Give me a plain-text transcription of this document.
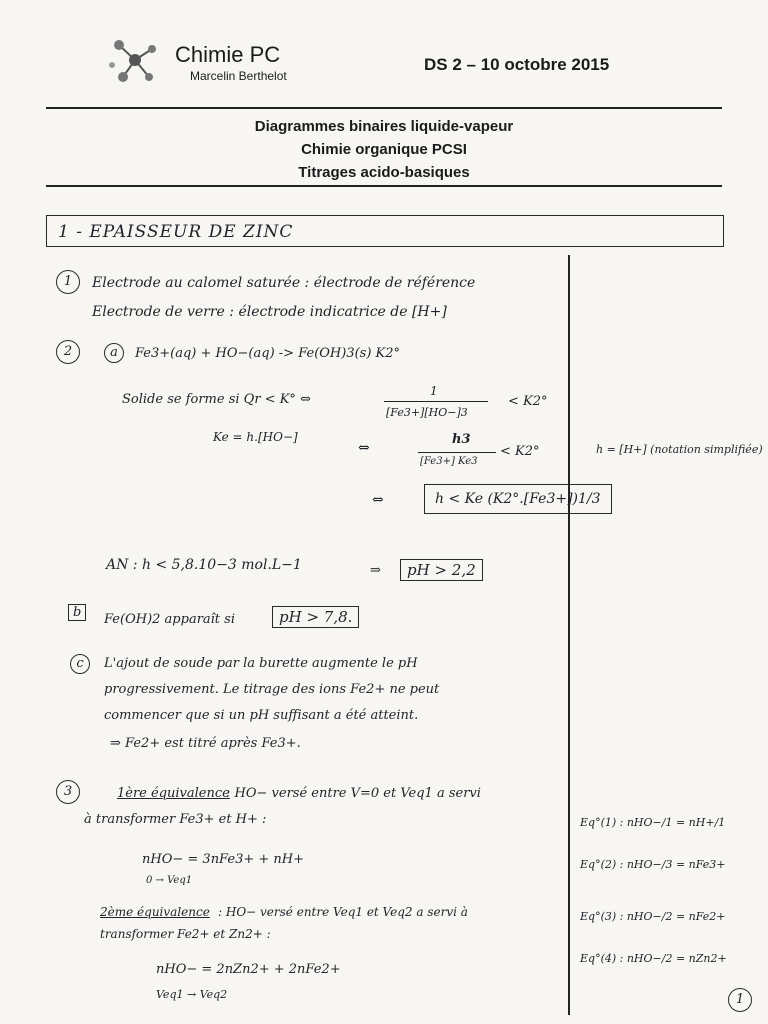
Chimie PC
Marcelin Berthelot
DS 2 – 10 octobre 2015
Diagrammes binaires liquide-vapeur
Chimie organique PCSI
Titrages acido-basiques
1 - EPAISSEUR DE ZINC
1	Electrode au calomel saturée : électrode de référence
Electrode de verre : électrode indicatrice de [H+]
2	a	Fe3+(aq) + HO−(aq) -> Fe(OH)3(s) K2°
Solide se forme si Qr < K° ⇔
1
[Fe3+][HO−]3
< K2°
Ke = h.[HO−]
⇔
h3
[Fe3+] Ke3
< K2°	h = [H+] (notation simplifiée)
⇔	h < Ke (K2°.[Fe3+])1/3
AN : h < 5,8.10−3 mol.L−1	⇒	pH > 2,2
b	Fe(OH)2 apparaît si	pH > 7,8.
c	L'ajout de soude par la burette augmente le pH
progressivement. Le titrage des ions Fe2+ ne peut
commencer que si un pH suffisant a été atteint.
⇒ Fe2+ est titré après Fe3+.
3	1ère équivalence
: HO− versé entre V=0 et Veq1 a servi
à transformer Fe3+ et H+ :
nHO− = 3nFe3+ + nH+
0 → Veq1
2ème équivalence : HO− versé entre Veq1 et Veq2 a servi à
transformer Fe2+ et Zn2+ :
nHO− = 2nZn2+ + 2nFe2+
Veq1 → Veq2
Eq°(1) : nHO−/1 = nH+/1
Eq°(2) : nHO−/3 = nFe3+
Eq°(3) : nHO−/2 = nFe2+
Eq°(4) : nHO−/2 = nZn2+
1
